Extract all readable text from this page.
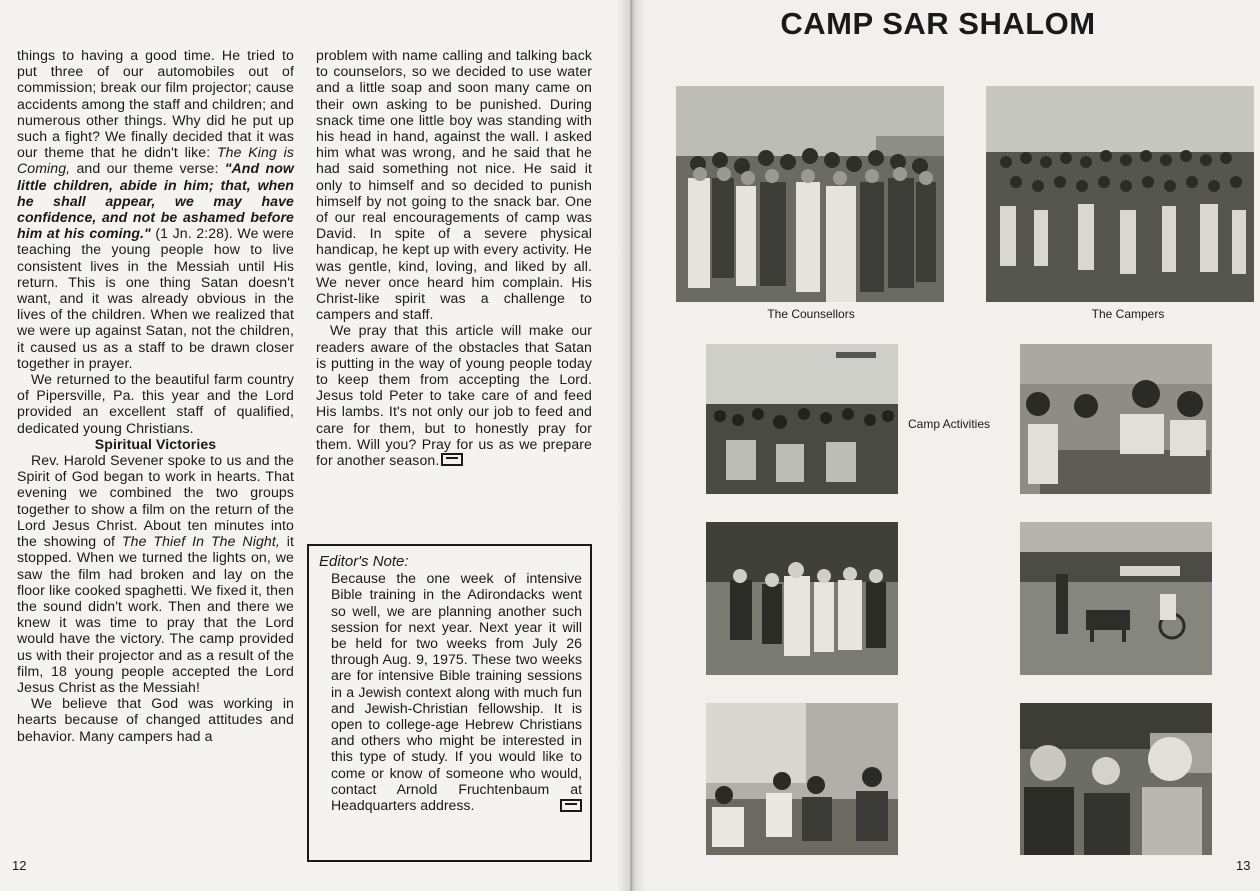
things to having a good time. He tried to put three of our automobiles out of commission; break our film projector; cause accidents among the staff and children; and numerous other things. Why did he put up such a fight? We finally decided that it was our theme that he didn't like: The King is Coming, and our theme verse: "And now little children, abide in him; that, when he shall appear, we may have confidence, and not be ashamed before him at his coming." (1 Jn. 2:28). We were teaching the young people how to live consistent lives in the Messiah until His return. This is one thing Satan doesn't want, and it was already obvious in the lives of the children. When we realized that we were up against Satan, not the children, it caused us as a staff to be drawn closer together in prayer.

We returned to the beautiful farm country of Pipersville, Pa. this year and the Lord provided an excellent staff of qualified, dedicated young Christians.

Spiritual Victories

Rev. Harold Sevener spoke to us and the Spirit of God began to work in hearts. That evening we combined the two groups together to show a film on the return of the Lord Jesus Christ. About ten minutes into the showing of The Thief In The Night, it stopped. When we turned the lights on, we saw the film had broken and lay on the floor like cooked spaghetti. We fixed it, then the sound didn't work. Then and there we knew it was time to pray that the Lord would have the victory. The camp provided us with their projector and as a result of the film, 18 young people accepted the Lord Jesus Christ as the Messiah!

We believe that God was working in hearts because of changed attitudes and behavior. Many campers had a

problem with name calling and talking back to counselors, so we decided to use water and a little soap and soon many came on their own asking to be punished. During snack time one little boy was standing with his head in hand, against the wall. I asked him what was wrong, and he said that he had said something not nice. He said it only to himself and so decided to punish himself by not going to the snack bar. One of our real encouragements of camp was David. In spite of a severe physical handicap, he kept up with every activity. He was gentle, kind, loving, and liked by all. We never once heard him complain. His Christ-like spirit was a challenge to campers and staff.

We pray that this article will make our readers aware of the obstacles that Satan is putting in the way of young people today to keep them from accepting the Lord. Jesus told Peter to take care of and feed His lambs. It's not only our job to feed and care for them, but to honestly pray for them. Will you? Pray for us as we prepare for another season.

Editor's Note:

Because the one week of intensive Bible training in the Adirondacks went so well, we are planning another such session for next year. Next year it will be held for two weeks from July 26 through Aug. 9, 1975. These two weeks are for intensive Bible training sessions in a Jewish context along with much fun and Jewish-Christian fellowship. It is open to college-age Hebrew Christians and others who might be interested in this type of study. If you would like to come or know of someone who would, contact Arnold Fruchtenbaum at Headquarters address.

12
CAMP SAR SHALOM
The Counsellors	The Campers
Camp Activities
13
